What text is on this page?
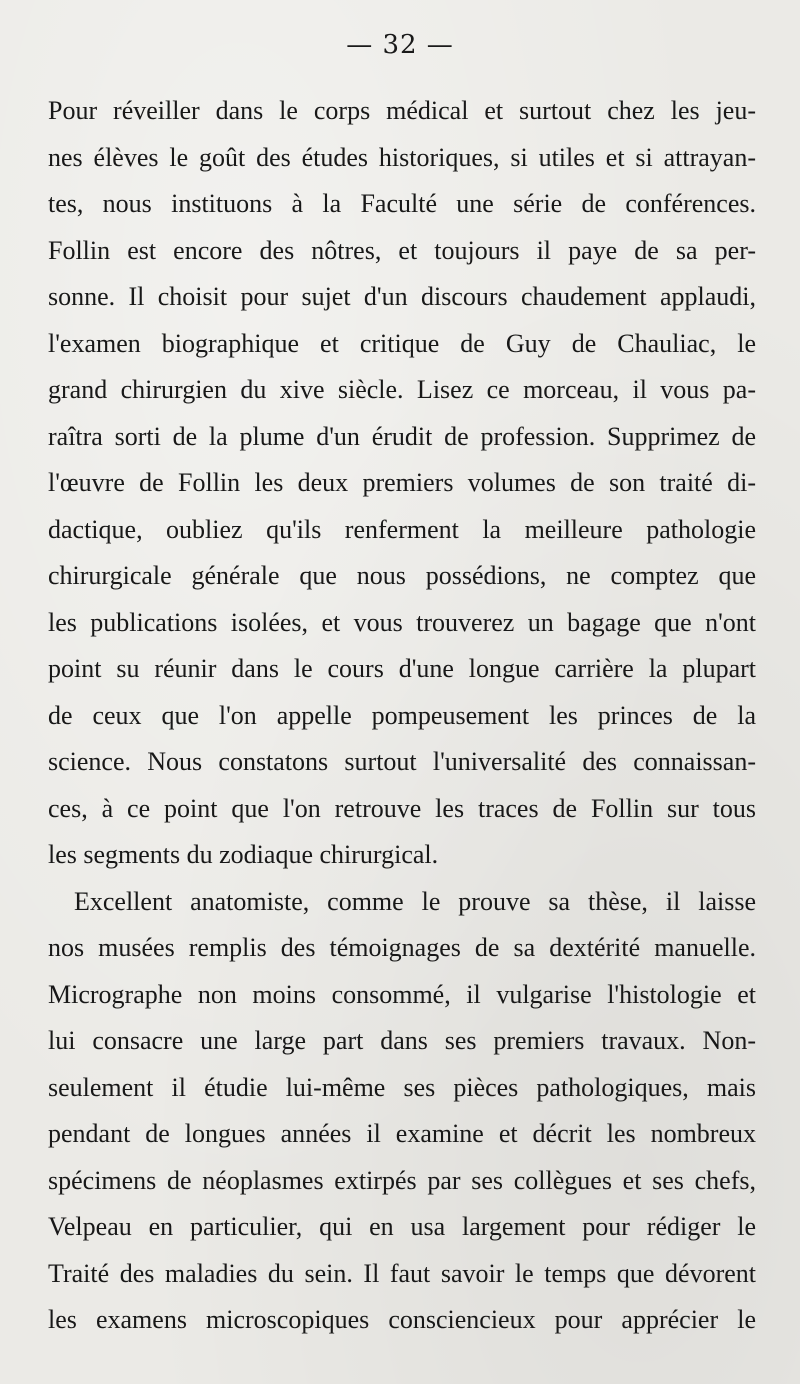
— 32 —
Pour réveiller dans le corps médical et surtout chez les jeu-
nes élèves le goût des études historiques, si utiles et si attrayan-
tes, nous instituons à la Faculté une série de conférences.
Follin est encore des nôtres, et toujours il paye de sa per-
sonne. Il choisit pour sujet d'un discours chaudement applaudi,
l'examen biographique et critique de Guy de Chauliac, le
grand chirurgien du xive siècle. Lisez ce morceau, il vous pa-
raîtra sorti de la plume d'un érudit de profession. Supprimez de
l'œuvre de Follin les deux premiers volumes de son traité di-
dactique, oubliez qu'ils renferment la meilleure pathologie
chirurgicale générale que nous possédions, ne comptez que
les publications isolées, et vous trouverez un bagage que n'ont
point su réunir dans le cours d'une longue carrière la plupart
de ceux que l'on appelle pompeusement les princes de la
science. Nous constatons surtout l'universalité des connaissan-
ces, à ce point que l'on retrouve les traces de Follin sur tous
les segments du zodiaque chirurgical.
Excellent anatomiste, comme le prouve sa thèse, il laisse
nos musées remplis des témoignages de sa dextérité manuelle.
Micrographe non moins consommé, il vulgarise l'histologie et
lui consacre une large part dans ses premiers travaux. Non-
seulement il étudie lui-même ses pièces pathologiques, mais
pendant de longues années il examine et décrit les nombreux
spécimens de néoplasmes extirpés par ses collègues et ses chefs,
Velpeau en particulier, qui en usa largement pour rédiger le
Traité des maladies du sein. Il faut savoir le temps que dévorent
les examens microscopiques consciencieux pour apprécier le
